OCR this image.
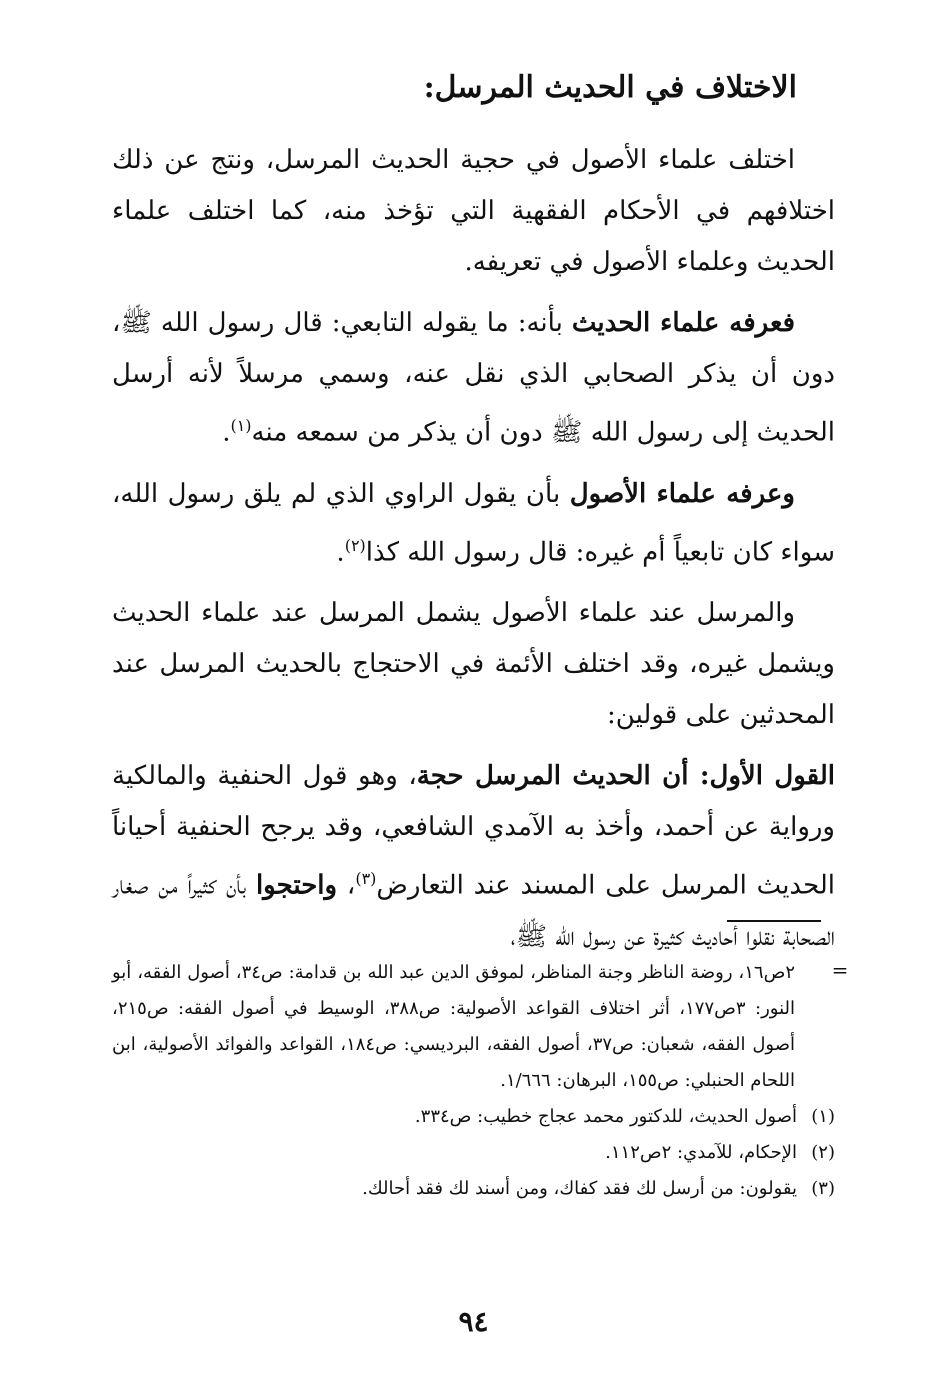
الاختلاف في الحديث المرسل:

اختلف علماء الأصول في حجية الحديث المرسل، ونتج عن ذلك اختلافهم في الأحكام الفقهية التي تؤخذ منه، كما اختلف علماء الحديث وعلماء الأصول في تعريفه.

فعرفه علماء الحديث بأنه: ما يقوله التابعي: قال رسول الله ﷺ، دون أن يذكر الصحابي الذي نقل عنه، وسمي مرسلاً لأنه أرسل الحديث إلى رسول الله ﷺ دون أن يذكر من سمعه منه$^{(١)}$.

وعرفه علماء الأصول بأن يقول الراوي الذي لم يلق رسول الله، سواء كان تابعياً أم غيره: قال رسول الله كذا$^{(٢)}$.

والمرسل عند علماء الأصول يشمل المرسل عند علماء الحديث ويشمل غيره، وقد اختلف الأئمة في الاحتجاج بالحديث المرسل عند المحدثين على قولين:

القول الأول: أن الحديث المرسل حجة، وهو قول الحنفية والمالكية ورواية عن أحمد، وأخذ به الآمدي الشافعي، وقد يرجح الحنفية أحياناً الحديث المرسل على المسند عند التعارض$^{(٣)}$، واحتجوا بأن كثيراً من صغار الصحابة نقلوا أحاديث كثيرة عن رسول الله ﷺ،

=

٢ص١٦، روضة الناظر وجنة المناظر، لموفق الدين عبد الله بن قدامة: ص٣٤، أصول الفقه، أبو النور: ٣ص١٧٧، أثر اختلاف القواعد الأصولية: ص٣٨٨، الوسيط في أصول الفقه: ص٢١٥، أصول الفقه، شعبان: ص٣٧، أصول الفقه، البرديسي: ص١٨٤، القواعد والفوائد الأصولية، ابن اللحام الحنبلي: ص١٥٥، البرهان: ١/٦٦٦.

(١)أصول الحديث، للدكتور محمد عجاج خطيب: ص٣٣٤.

(٢)الإحكام، للآمدي: ٢ص١١٢.

(٣)يقولون: من أرسل لك فقد كفاك، ومن أسند لك فقد أحالك.

٩٤
